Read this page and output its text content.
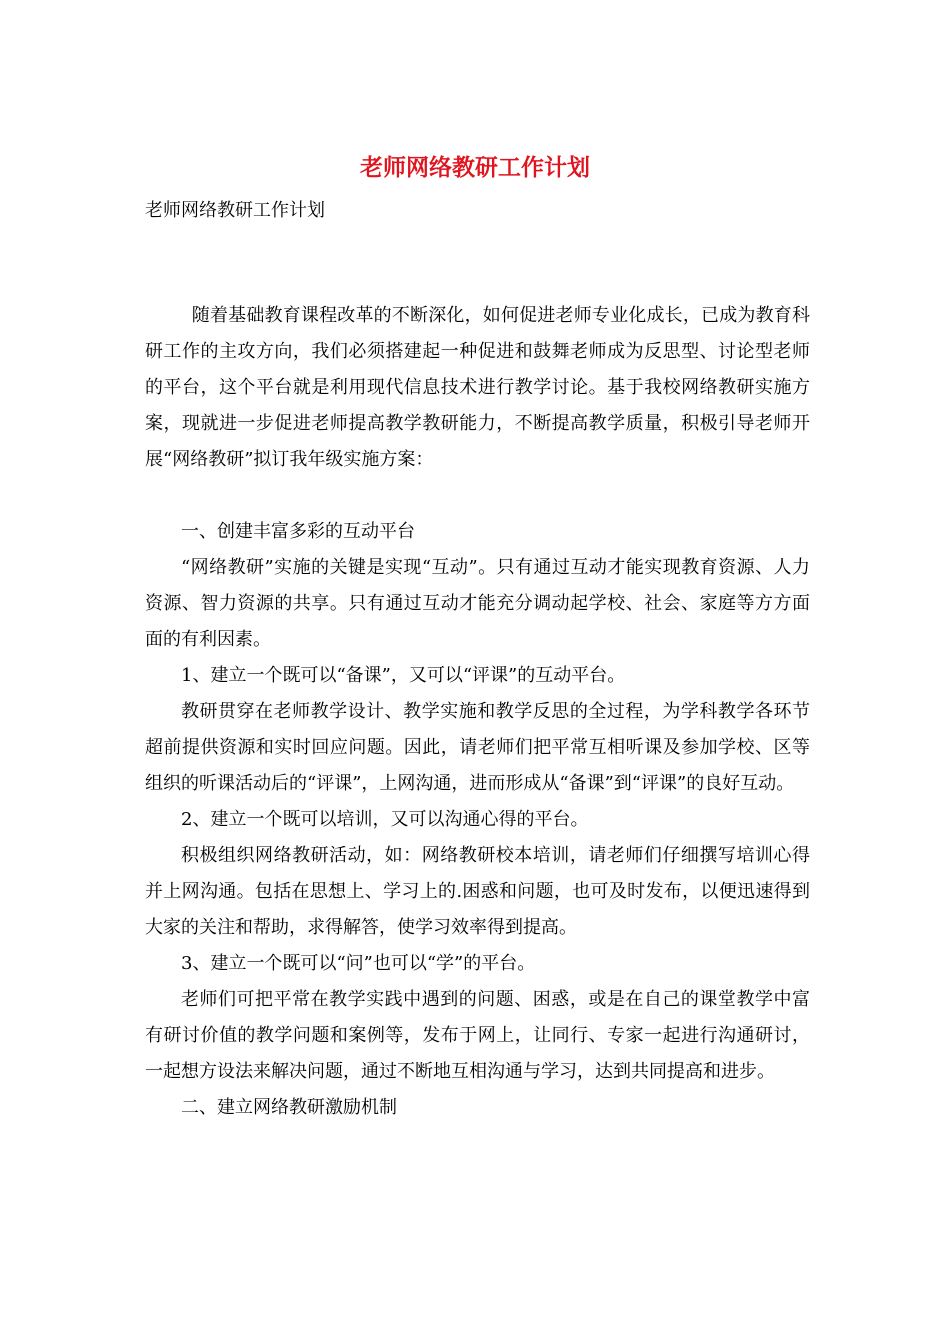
老师网络教研工作计划

老师网络教研工作计划

随着基础教育课程改革的不断深化，如何促进老师专业化成长，已成为教育科研工作的主攻方向，我们必须搭建起一种促进和鼓舞老师成为反思型、讨论型老师的平台，这个平台就是利用现代信息技术进行教学讨论。基于我校网络教研实施方案，现就进一步促进老师提高教学教研能力，不断提高教学质量，积极引导老师开展“网络教研”拟订我年级实施方案：

一、创建丰富多彩的互动平台

“网络教研”实施的关键是实现“互动”。只有通过互动才能实现教育资源、人力资源、智力资源的共享。只有通过互动才能充分调动起学校、社会、家庭等方方面面的有利因素。

1、建立一个既可以“备课”，又可以“评课”的互动平台。

教研贯穿在老师教学设计、教学实施和教学反思的全过程，为学科教学各环节超前提供资源和实时回应问题。因此，请老师们把平常互相听课及参加学校、区等组织的听课活动后的“评课”，上网沟通，进而形成从“备课”到“评课”的良好互动。

2、建立一个既可以培训，又可以沟通心得的平台。

积极组织网络教研活动，如：网络教研校本培训，请老师们仔细撰写培训心得并上网沟通。包括在思想上、学习上的.困惑和问题，也可及时发布，以便迅速得到大家的关注和帮助，求得解答，使学习效率得到提高。

3、建立一个既可以“问”也可以“学”的平台。

老师们可把平常在教学实践中遇到的问题、困惑，或是在自己的课堂教学中富有研讨价值的教学问题和案例等，发布于网上，让同行、专家一起进行沟通研讨，一起想方设法来解决问题，通过不断地互相沟通与学习，达到共同提高和进步。

二、建立网络教研激励机制
